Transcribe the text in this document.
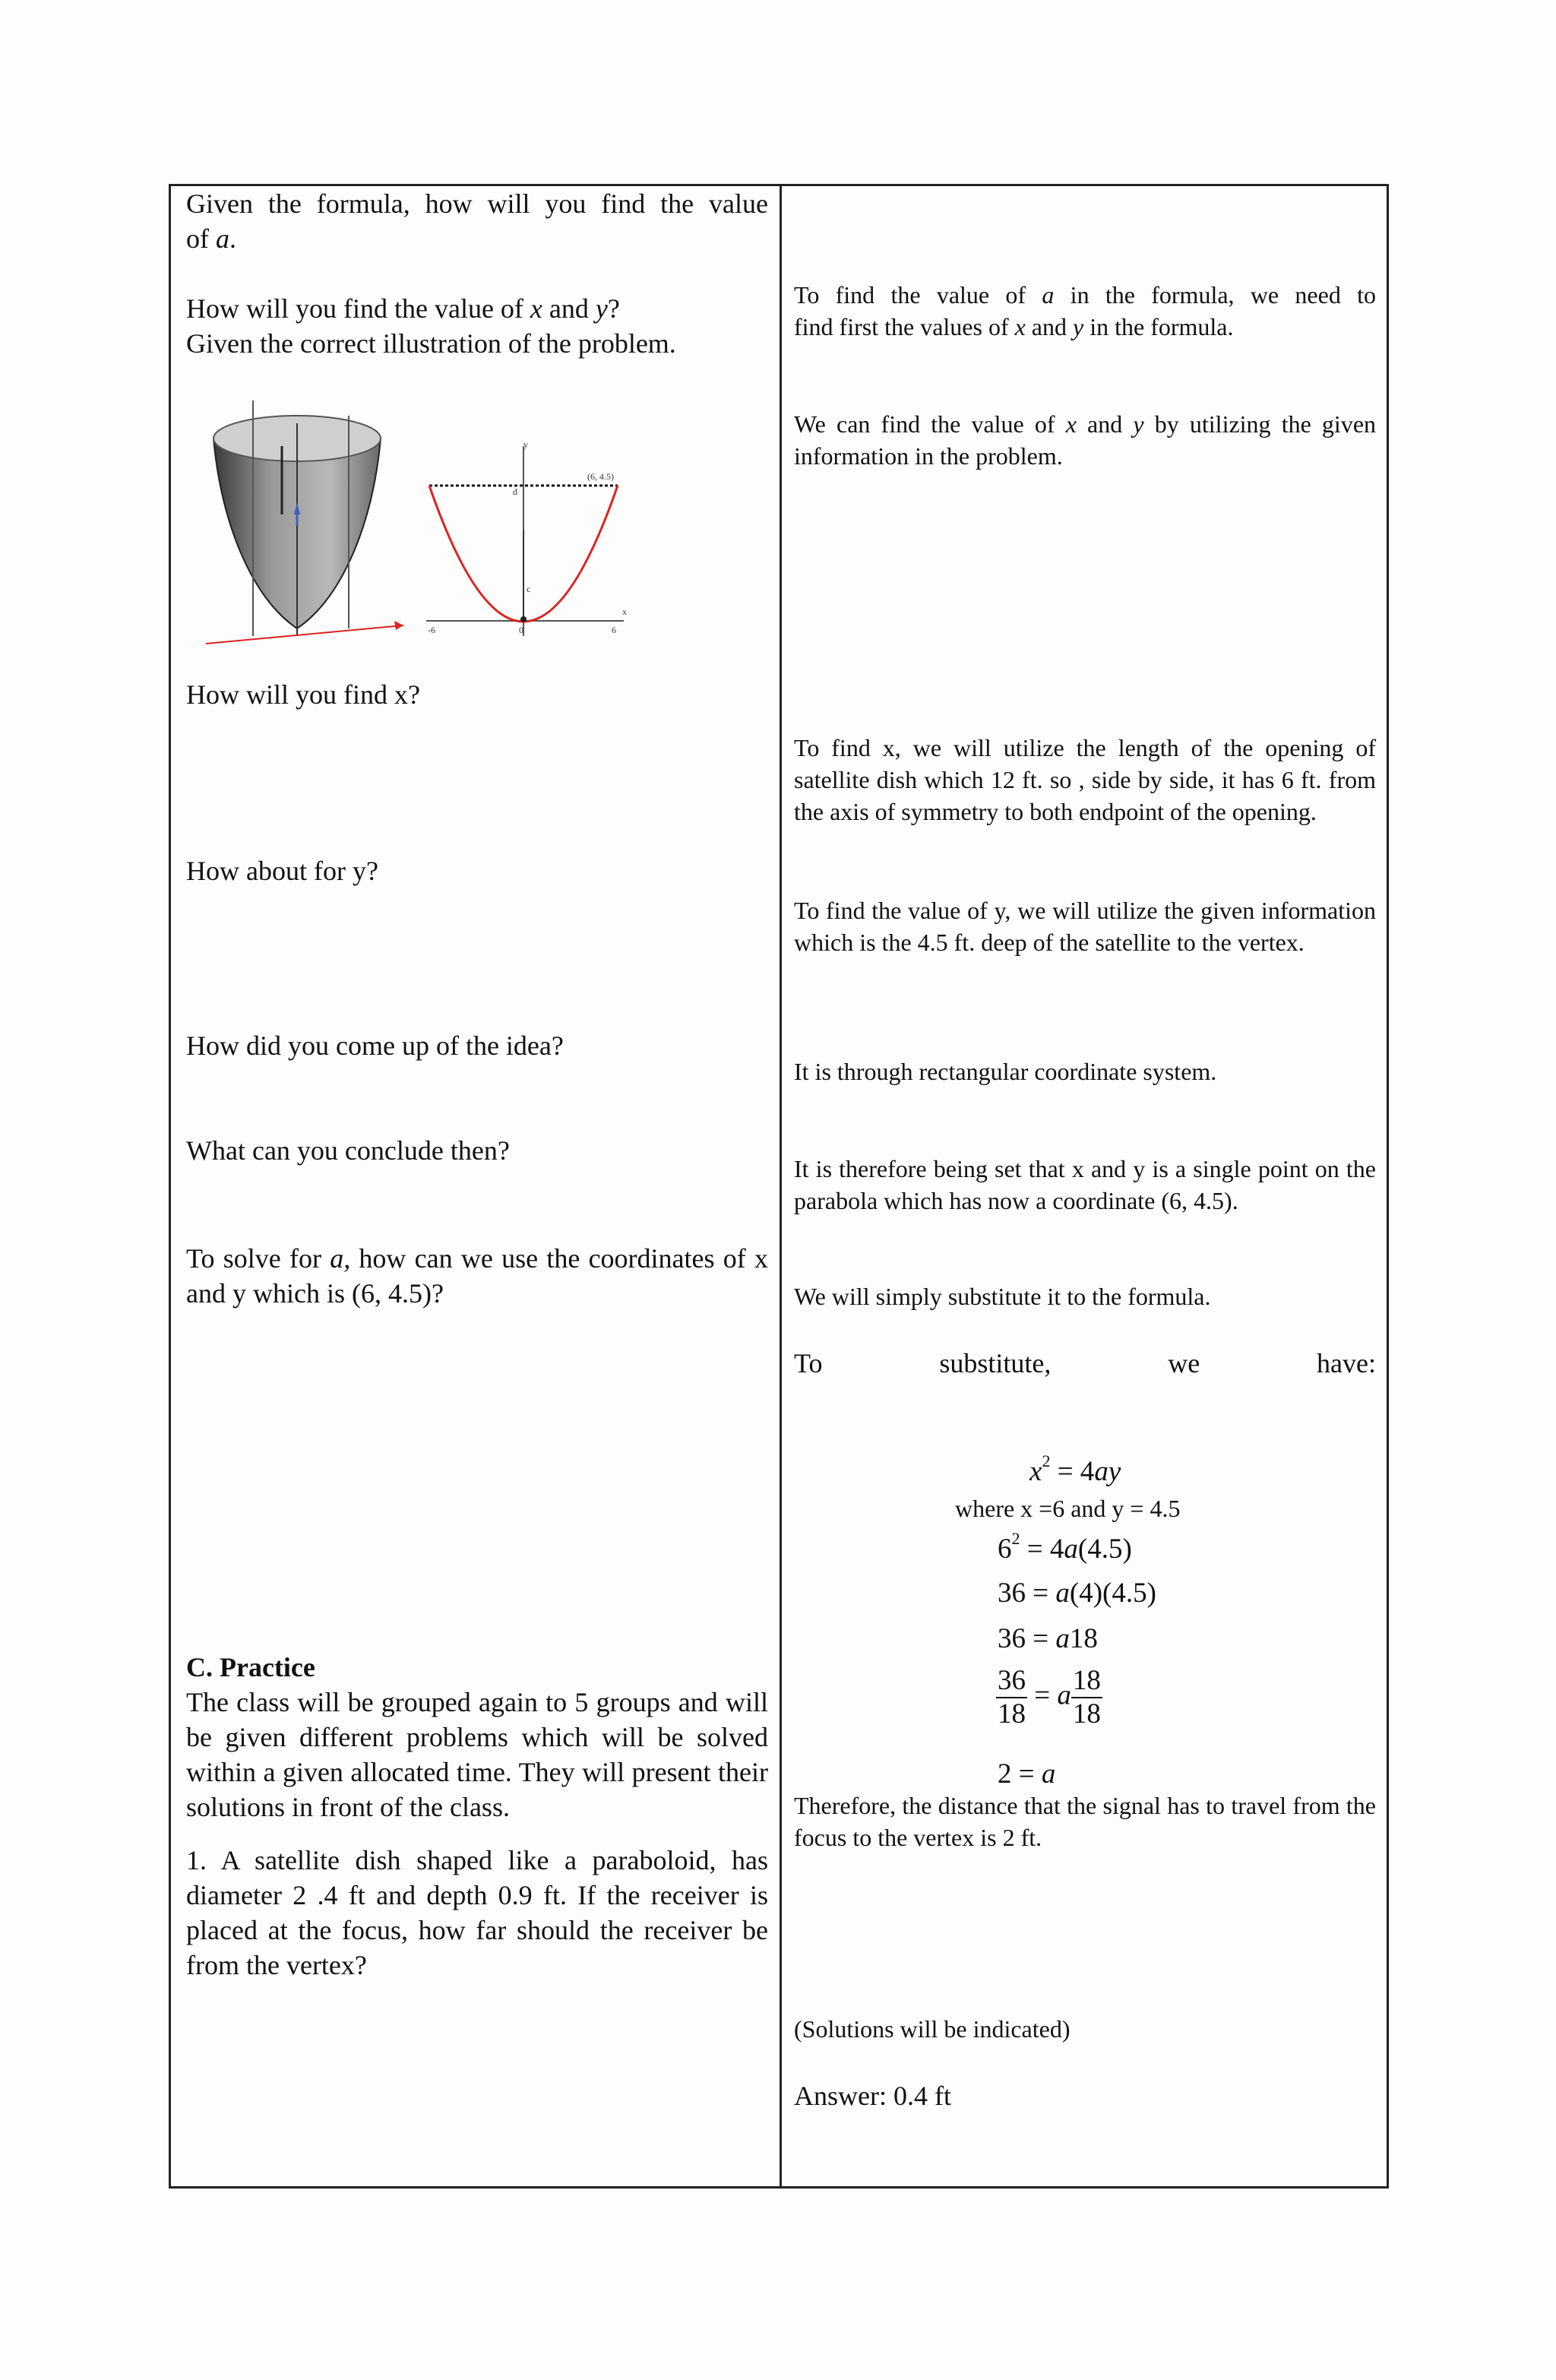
Given the formula, how will you find the value

of a.

How will you find the value of x and y?

Given the correct illustration of the problem.

y
x
(6, 4.5)
-6	6
0
c
d

How will you find x?

How about for y?

How did you come up of the idea?

What can you conclude then?

To solve for a, how can we use the coordinates of x and y which is (6, 4.5)?

C. Practice

The class will be grouped again to 5 groups and will be given different problems which will be solved within a given allocated time. They will present their solutions in front of the class.

1. A satellite dish shaped like a paraboloid, has diameter 2 .4 ft and depth 0.9 ft. If the receiver is placed at the focus, how far should the receiver be from the vertex?

To find the value of a in the formula, we need to

find first the values of x and y in the formula.

We can find the value of x and y by utilizing the given information in the problem.

To find x, we will utilize the length of the opening of satellite dish which 12 ft. so , side by side, it has 6 ft. from the axis of symmetry to both endpoint of the opening.

To find the value of y, we will utilize the given information which is the 4.5 ft. deep of the satellite to the vertex.

It is through rectangular coordinate system.

It is therefore being set that x and y is a single point on the parabola which has now a coordinate (6, 4.5).

We will simply substitute it to the formula.

To substitute, we have:

$x^2 = 4ay$
where x =6 and y = 4.5
$6^2 = 4a(4.5)$
36 = a(4)(4.5)
36 = a18
$\frac{36}{18} = a \frac{18}{18}$
2 = a

Therefore, the distance that the signal has to travel from the focus to the vertex is 2 ft.

(Solutions will be indicated)

Answer: 0.4 ft
